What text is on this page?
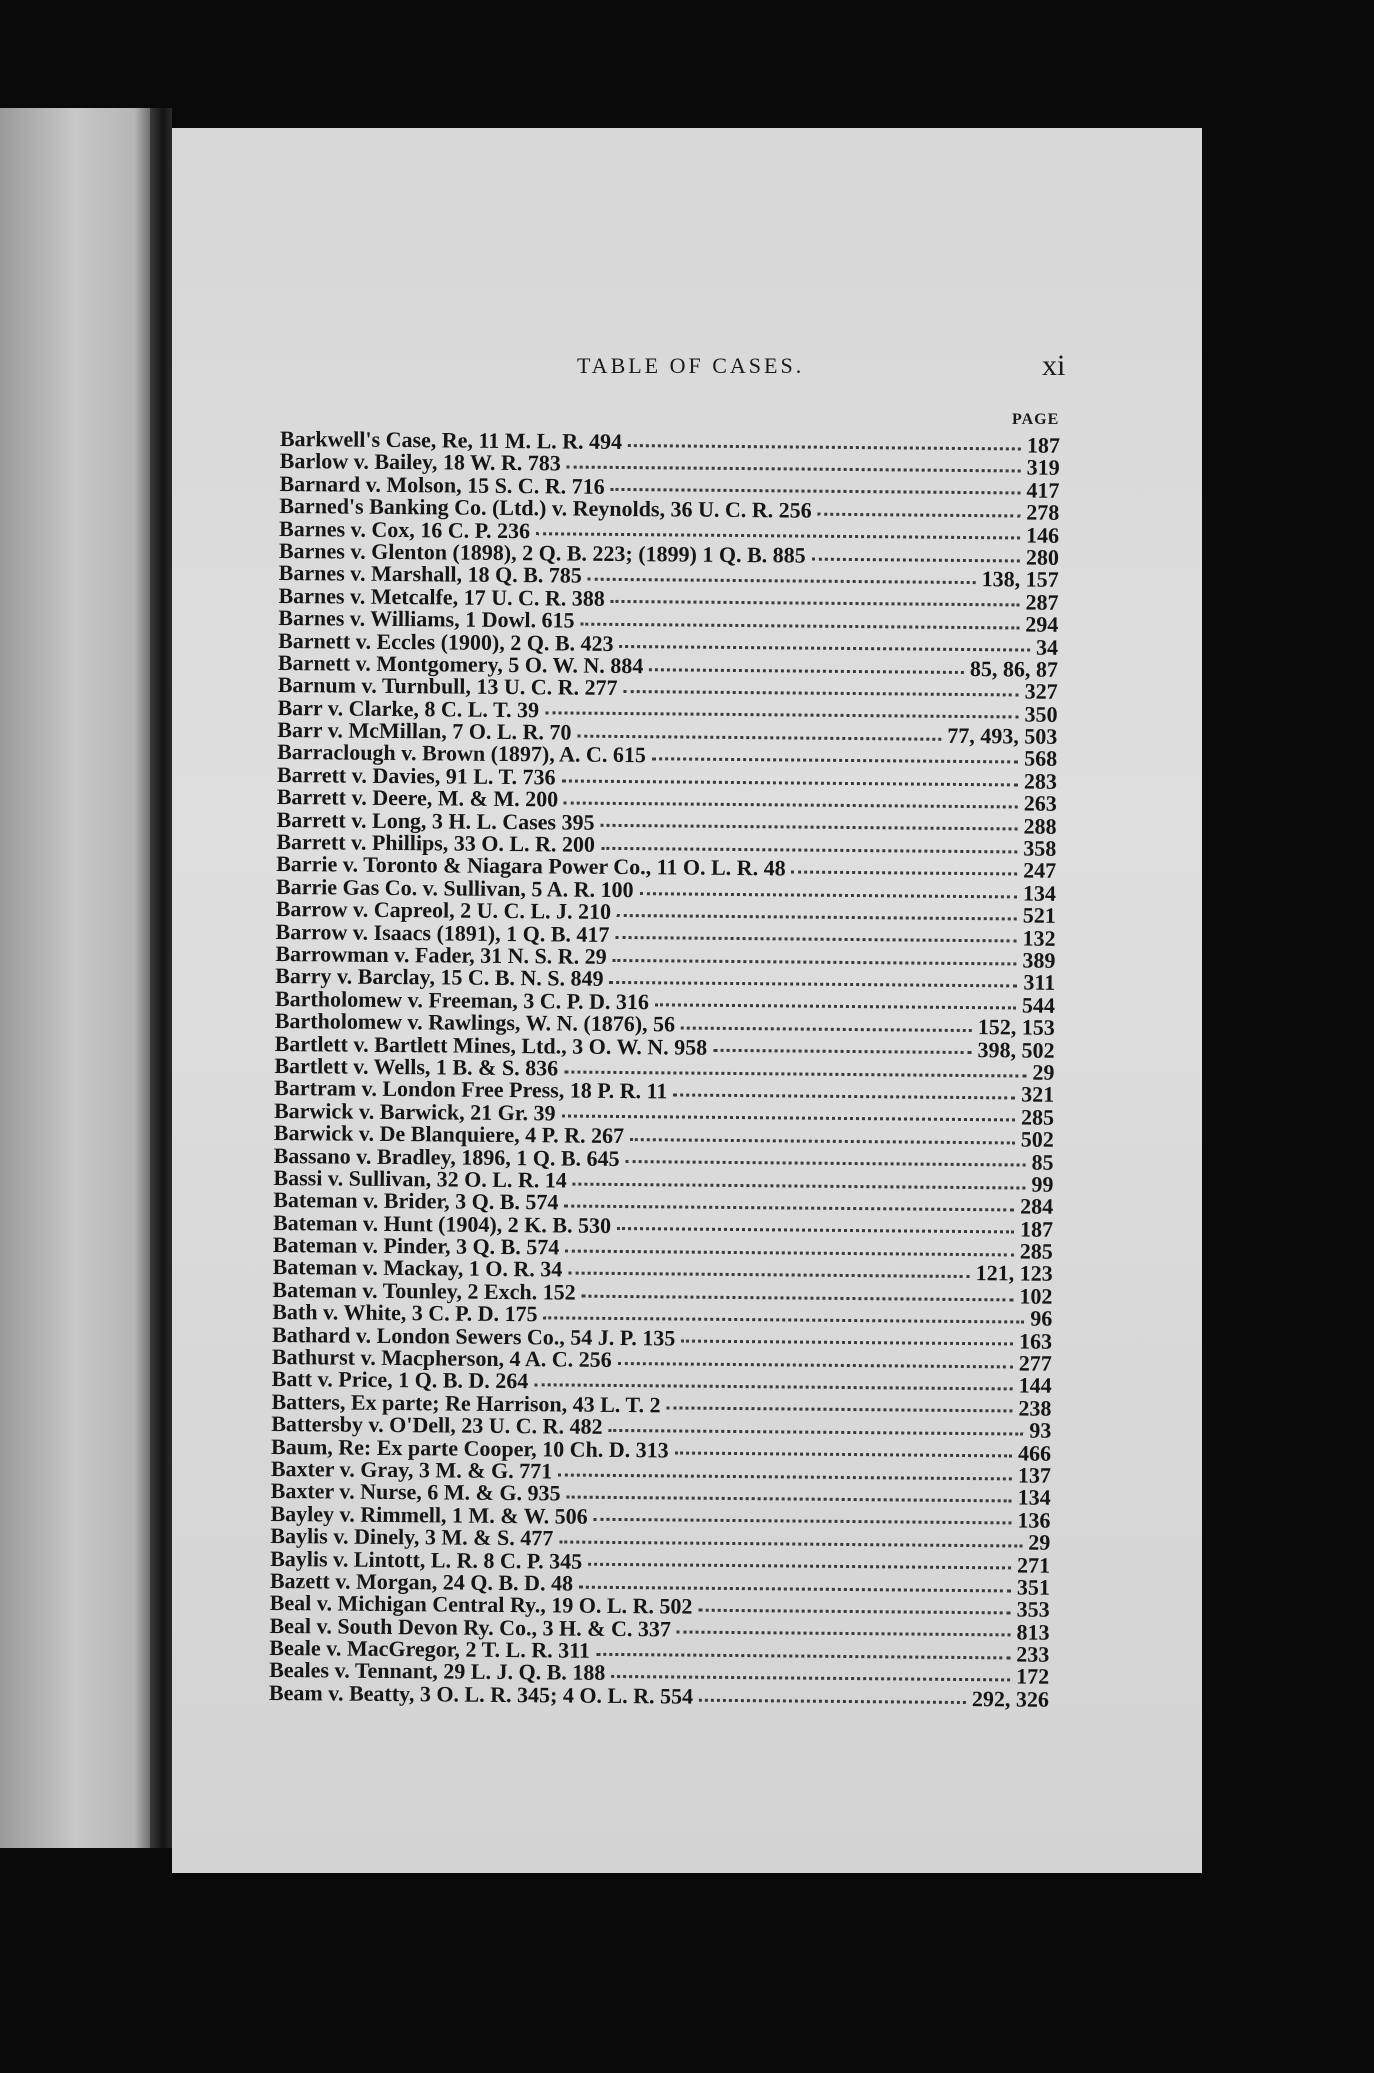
TABLE OF CASES.	xi
PAGE
Barkwell's Case, Re, 11 M. L. R. 494	187
Barlow v. Bailey, 18 W. R. 783	319
Barnard v. Molson, 15 S. C. R. 716	417
Barned's Banking Co. (Ltd.) v. Reynolds, 36 U. C. R. 256	278
Barnes v. Cox, 16 C. P. 236	146
Barnes v. Glenton (1898), 2 Q. B. 223; (1899) 1 Q. B. 885	280
Barnes v. Marshall, 18 Q. B. 785	138, 157
Barnes v. Metcalfe, 17 U. C. R. 388	287
Barnes v. Williams, 1 Dowl. 615	294
Barnett v. Eccles (1900), 2 Q. B. 423	34
Barnett v. Montgomery, 5 O. W. N. 884	85, 86, 87
Barnum v. Turnbull, 13 U. C. R. 277	327
Barr v. Clarke, 8 C. L. T. 39	350
Barr v. McMillan, 7 O. L. R. 70	77, 493, 503
Barraclough v. Brown (1897), A. C. 615	568
Barrett v. Davies, 91 L. T. 736	283
Barrett v. Deere, M. & M. 200	263
Barrett v. Long, 3 H. L. Cases 395	288
Barrett v. Phillips, 33 O. L. R. 200	358
Barrie v. Toronto & Niagara Power Co., 11 O. L. R. 48	247
Barrie Gas Co. v. Sullivan, 5 A. R. 100	134
Barrow v. Capreol, 2 U. C. L. J. 210	521
Barrow v. Isaacs (1891), 1 Q. B. 417	132
Barrowman v. Fader, 31 N. S. R. 29	389
Barry v. Barclay, 15 C. B. N. S. 849	311
Bartholomew v. Freeman, 3 C. P. D. 316	544
Bartholomew v. Rawlings, W. N. (1876), 56	152, 153
Bartlett v. Bartlett Mines, Ltd., 3 O. W. N. 958	398, 502
Bartlett v. Wells, 1 B. & S. 836	29
Bartram v. London Free Press, 18 P. R. 11	321
Barwick v. Barwick, 21 Gr. 39	285
Barwick v. De Blanquiere, 4 P. R. 267	502
Bassano v. Bradley, 1896, 1 Q. B. 645	85
Bassi v. Sullivan, 32 O. L. R. 14	99
Bateman v. Brider, 3 Q. B. 574	284
Bateman v. Hunt (1904), 2 K. B. 530	187
Bateman v. Pinder, 3 Q. B. 574	285
Bateman v. Mackay, 1 O. R. 34	121, 123
Bateman v. Tounley, 2 Exch. 152	102
Bath v. White, 3 C. P. D. 175	96
Bathard v. London Sewers Co., 54 J. P. 135	163
Bathurst v. Macpherson, 4 A. C. 256	277
Batt v. Price, 1 Q. B. D. 264	144
Batters, Ex parte; Re Harrison, 43 L. T. 2	238
Battersby v. O'Dell, 23 U. C. R. 482	93
Baum, Re: Ex parte Cooper, 10 Ch. D. 313	466
Baxter v. Gray, 3 M. & G. 771	137
Baxter v. Nurse, 6 M. & G. 935	134
Bayley v. Rimmell, 1 M. & W. 506	136
Baylis v. Dinely, 3 M. & S. 477	29
Baylis v. Lintott, L. R. 8 C. P. 345	271
Bazett v. Morgan, 24 Q. B. D. 48	351
Beal v. Michigan Central Ry., 19 O. L. R. 502	353
Beal v. South Devon Ry. Co., 3 H. & C. 337	813
Beale v. MacGregor, 2 T. L. R. 311	233
Beales v. Tennant, 29 L. J. Q. B. 188	172
Beam v. Beatty, 3 O. L. R. 345; 4 O. L. R. 554	292, 326
